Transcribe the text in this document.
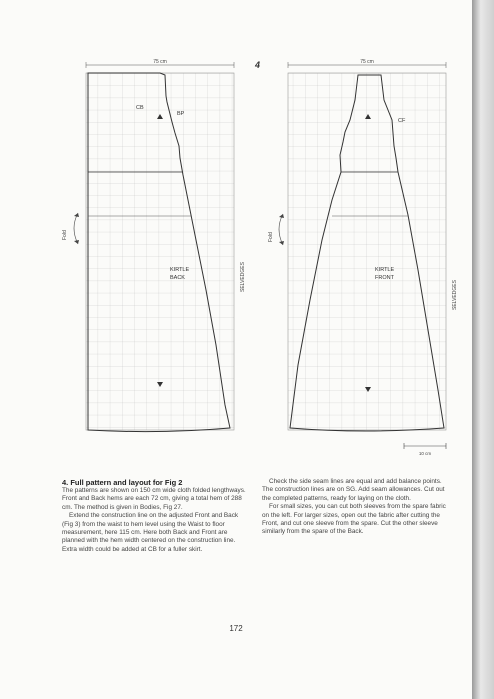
4
75 cm
CB
BP
KIRTLE
BACK
Fold
SELVEDGES
75 cm
CF
KIRTLE
FRONT
Fold
SELVEDGES
10 cm
4. Full pattern and layout for Fig 2

The patterns are shown on 150 cm wide cloth folded lengthways. Front and Back hems are each 72 cm, giving a total hem of 288 cm. The method is given in Bodies, Fig 27.

Extend the construction line on the adjusted Front and Back (Fig 3) from the waist to hem level using the Waist to floor measurement, here 115 cm. Here both Back and Front are planned with the hem width centered on the construction line. Extra width could be added at CB for a fuller skirt.

Check the side seam lines are equal and add balance points. The construction lines are on SG. Add seam allowances. Cut out the completed patterns, ready for laying on the cloth.

For small sizes, you can cut both sleeves from the spare fabric on the left. For larger sizes, open out the fabric after cutting the Front, and cut one sleeve from the spare. Cut the other sleeve similarly from the spare of the Back.

172
